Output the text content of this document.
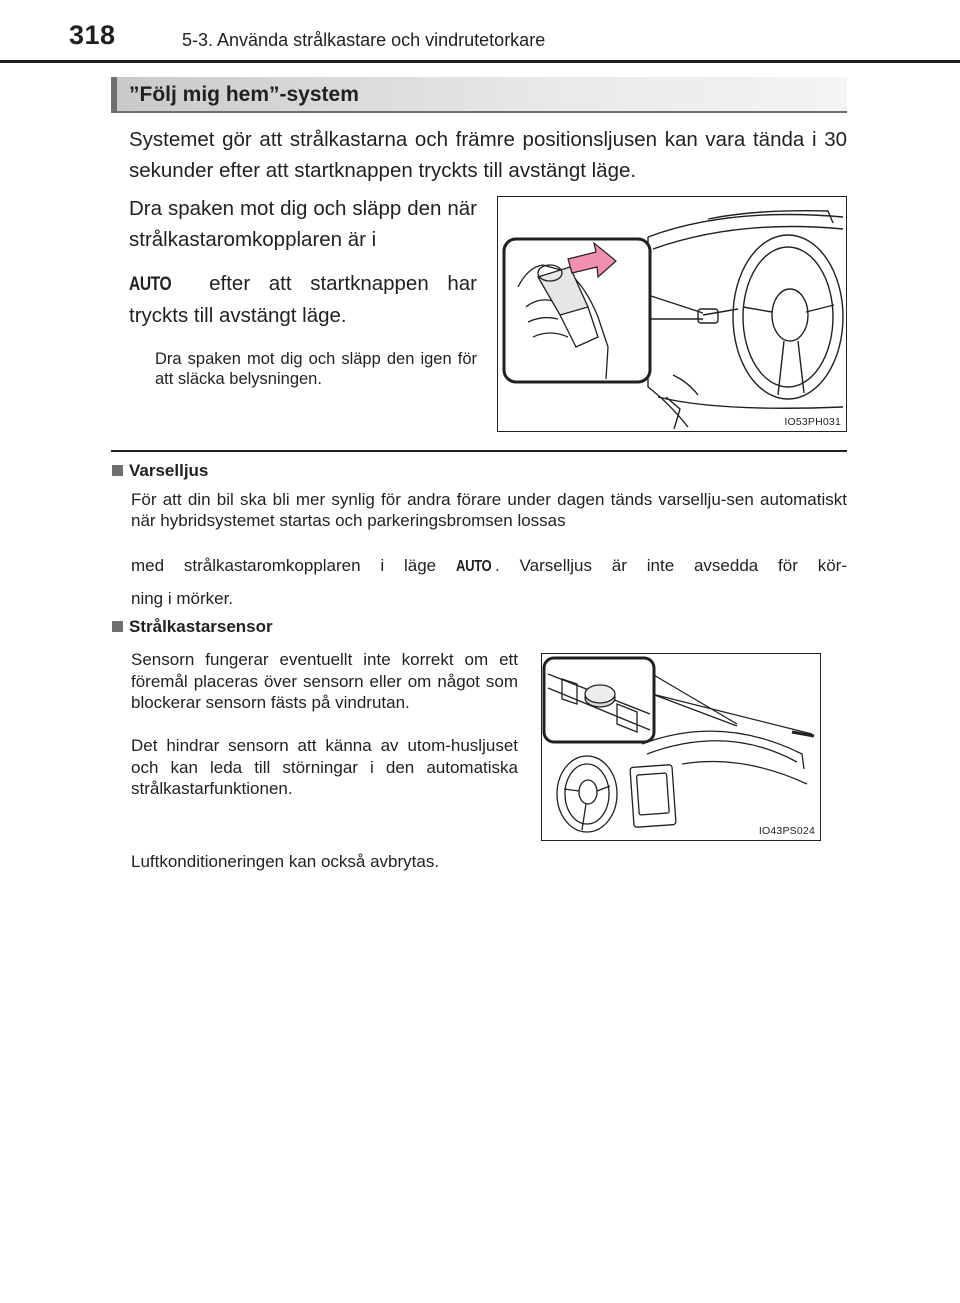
318	5-3. Använda strålkastare och vindrutetorkare
”Följ mig hem”-system
Systemet gör att strålkastarna och främre positionsljusen kan vara tända i 30 sekunder efter att startknappen tryckts till avstängt läge.
Dra spaken mot dig och släpp den när strålkastaromkopplaren är i
AUTO efter att startknappen har tryckts till avstängt läge.
Dra spaken mot dig och släpp den igen för att släcka belysningen.
IO53PH031
Varselljus
För att din bil ska bli mer synlig för andra förare under dagen tänds varsellju-sen automatiskt när hybridsystemet startas och parkeringsbromsen lossas
med strålkastaromkopplaren i läge AUTO . Varselljus är inte avsedda för kör-
ning i mörker.
Strålkastarsensor
Sensorn fungerar eventuellt inte korrekt om ett föremål placeras över sensorn eller om något som blockerar sensorn fästs på vindrutan.
Det hindrar sensorn att känna av utom-husljuset och kan leda till störningar i den automatiska strålkastarfunktionen.
Luftkonditioneringen kan också avbrytas.
IO43PS024
